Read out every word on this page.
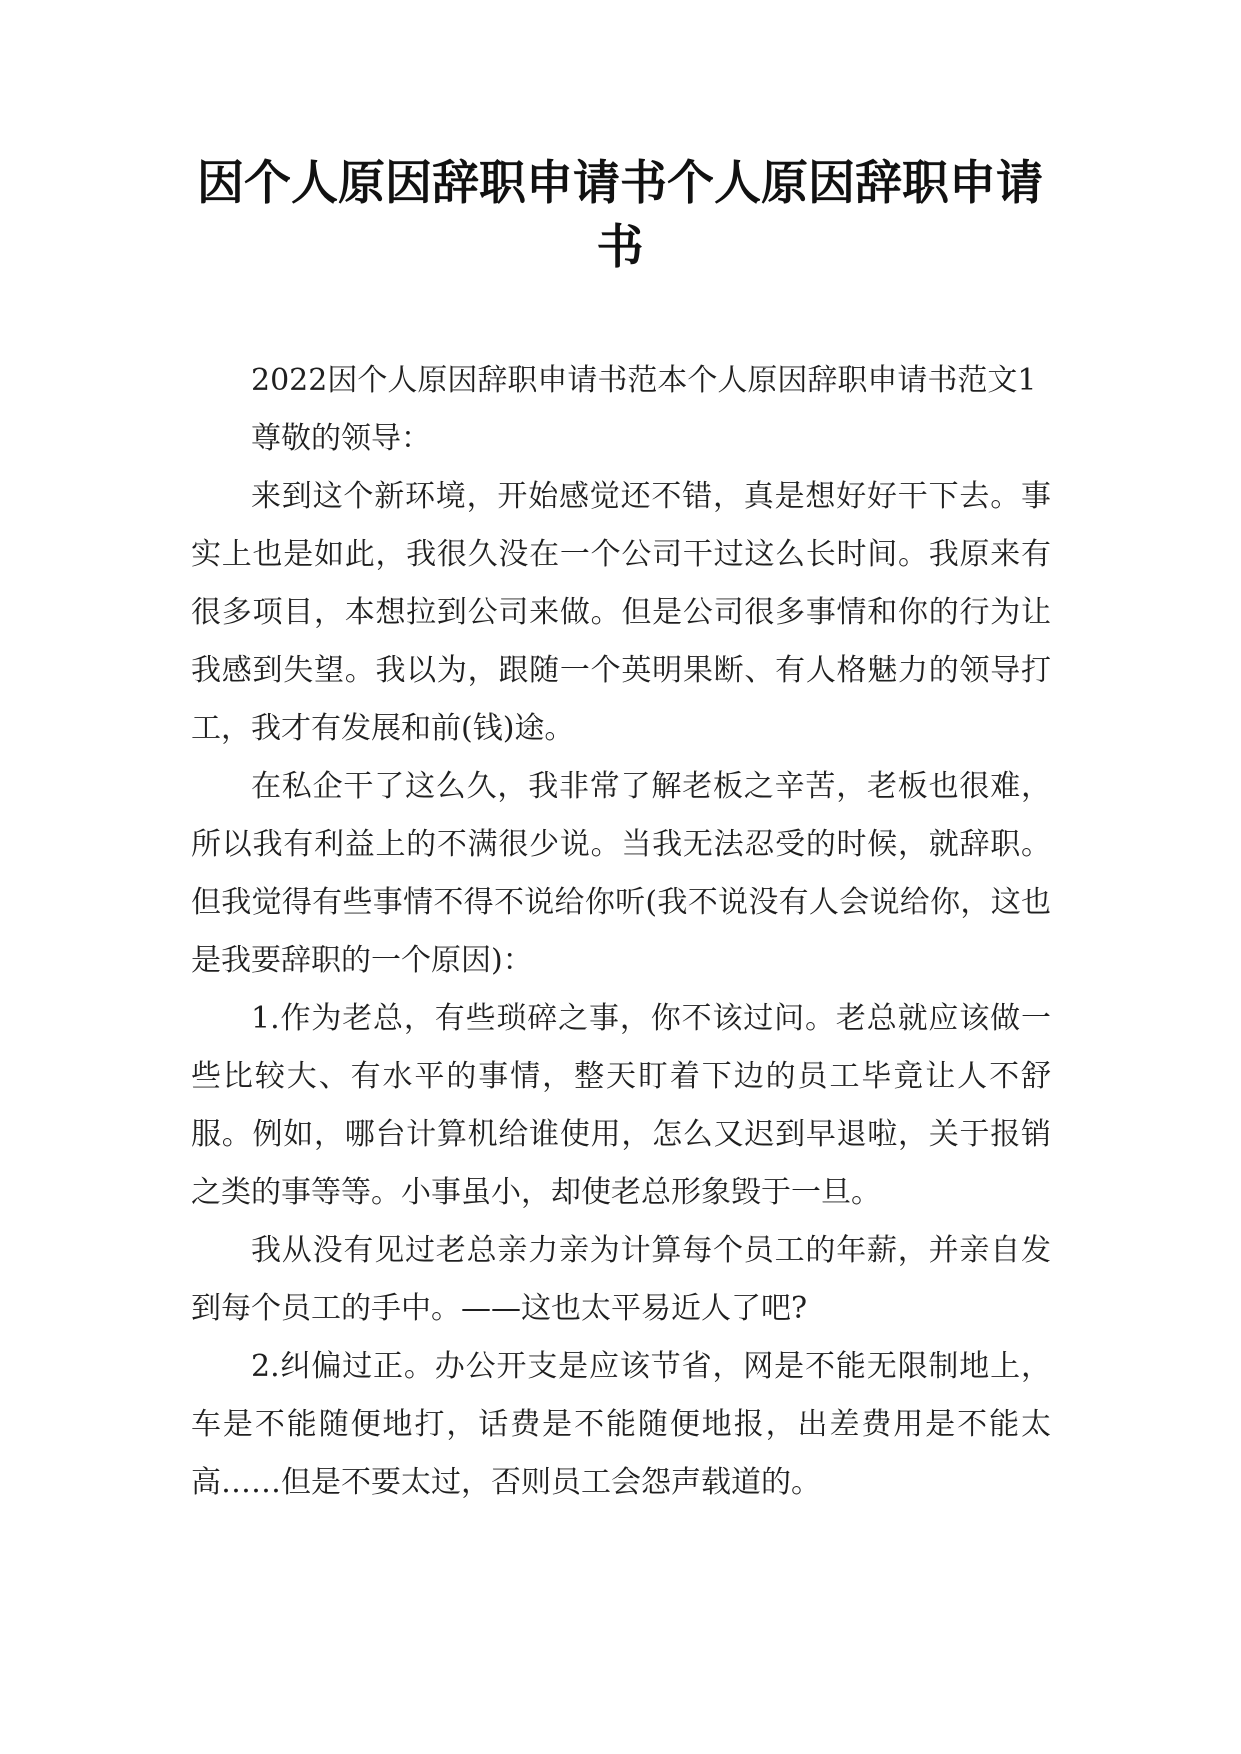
因个人原因辞职申请书个人原因辞职申请书

2022因个人原因辞职申请书范本个人原因辞职申请书范文1

尊敬的领导：

来到这个新环境，开始感觉还不错，真是想好好干下去。事实上也是如此，我很久没在一个公司干过这么长时间。我原来有很多项目，本想拉到公司来做。但是公司很多事情和你的行为让我感到失望。我以为，跟随一个英明果断、有人格魅力的领导打工，我才有发展和前(钱)途。

在私企干了这么久，我非常了解老板之辛苦，老板也很难，所以我有利益上的不满很少说。当我无法忍受的时候，就辞职。但我觉得有些事情不得不说给你听(我不说没有人会说给你，这也是我要辞职的一个原因)：

1.作为老总，有些琐碎之事，你不该过问。老总就应该做一些比较大、有水平的事情，整天盯着下边的员工毕竟让人不舒服。例如，哪台计算机给谁使用，怎么又迟到早退啦，关于报销之类的事等等。小事虽小，却使老总形象毁于一旦。

我从没有见过老总亲力亲为计算每个员工的年薪，并亲自发到每个员工的手中。——这也太平易近人了吧?

2.纠偏过正。办公开支是应该节省，网是不能无限制地上，车是不能随便地打，话费是不能随便地报，出差费用是不能太高……但是不要太过，否则员工会怨声载道的。
